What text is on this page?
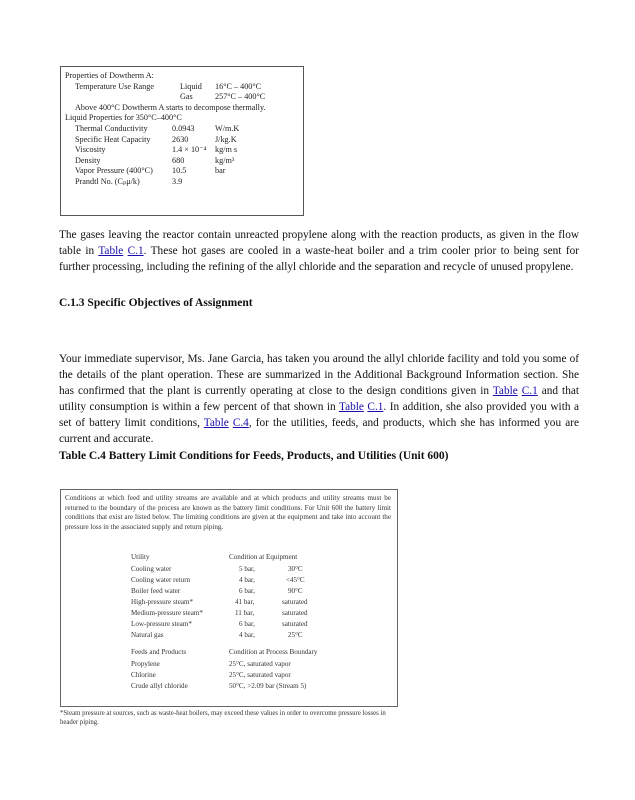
Properties of Dowtherm A:
Temperature Use Range	Liquid 16°C – 400°C
Gas	257°C – 400°C
Above 400°C Dowtherm A starts to decompose thermally.
Liquid Properties for 350°C–400°C
Thermal Conductivity	0.0943 W/m.K
Specific Heat Capacity	2630	J/kg.K
Viscosity	1.4 × 10⁻⁴ kg/m s
Density	680	kg/m³
Vapor Pressure (400°C) 10.5	bar
Prandtl No. (Cₚμ/k)	3.9

The gases leaving the reactor contain unreacted propylene along with the reaction products, as given in the flow table in Table C.1. These hot gases are cooled in a waste-heat boiler and a trim cooler prior to being sent for further processing, including the refining of the allyl chloride and the separation and recycle of unused propylene.

C.1.3 Specific Objectives of Assignment

Your immediate supervisor, Ms. Jane Garcia, has taken you around the allyl chloride facility and told you some of the details of the plant operation. These are summarized in the Additional Background Information section. She has confirmed that the plant is currently operating at close to the design conditions given in Table C.1 and that utility consumption is within a few percent of that shown in Table C.1. In addition, she also provided you with a set of battery limit conditions, Table C.4, for the utilities, feeds, and products, which she has informed you are current and accurate.

Table C.4 Battery Limit Conditions for Feeds, Products, and Utilities (Unit 600)

Conditions at which feed and utility streams are available and at which products and utility streams must be returned to the boundary of the process are known as the battery limit conditions. For Unit 600 the battery limit conditions that exist are listed below. The limiting conditions are given at the equipment and take into account the pressure loss in the associated supply and return piping.
Utility	Condition at Equipment
Cooling water	5 bar,	30°C
Cooling water return	4 bar,	<45°C
Boiler feed water	6 bar,	90°C
High-pressure steam*	41 bar,	saturated
Medium-pressure steam*	11 bar,	saturated
Low-pressure steam*	6 bar,	saturated
Natural gas	4 bar,	25°C
Feeds and Products	Condition at Process Boundary
Propylene	25°C, saturated vapor
Chlorine	25°C, saturated vapor
Crude allyl chloride	50°C, >2.09 bar (Stream 5)
*Steam pressure at sources, such as waste-heat boilers, may exceed these values in order to overcome pressure losses in header piping.
